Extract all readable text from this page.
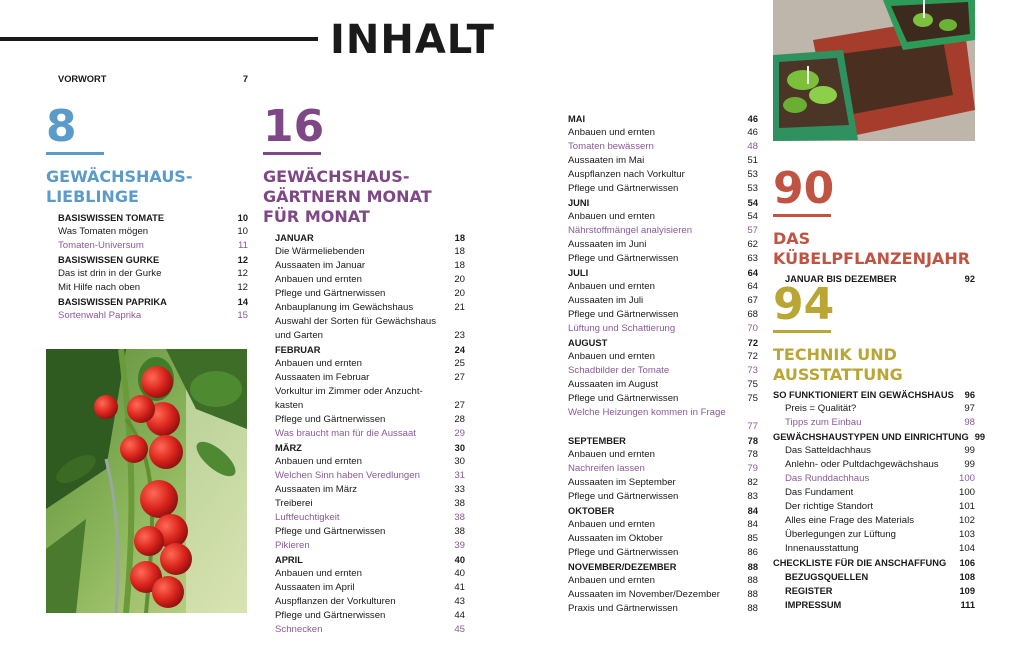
INHALT
VORWORT	7
8
GEWÄCHSHAUS-LIEBLINGE
BASISWISSEN TOMATE	10
Was Tomaten mögen	10
Tomaten-Universum	11
BASISWISSEN GURKE	12
Das ist drin in der Gurke	12
Mit Hilfe nach oben	12
BASISWISSEN PAPRIKA	14
Sortenwahl Paprika	15
16
GEWÄCHSHAUS-GÄRTNERN MONAT FÜR MONAT
JANUAR	18
Die Wärmeliebenden	18
Aussaaten im Januar	18
Anbauen und ernten	20
Pflege und Gärtnerwissen	20
Anbauplanung im Gewächshaus	21
Auswahl der Sorten für Gewächshaus und Garten	23
FEBRUAR	24
Anbauen und ernten	25
Aussaaten im Februar	27
Vorkultur im Zimmer oder Anzucht-kasten	27
Pflege und Gärtnerwissen	28
Was braucht man für die Aussaat	29
MÄRZ	30
Anbauen und ernten	30
Welchen Sinn haben Veredlungen	31
Aussaaten im März	33
Treiberei	38
Luftfeuchtigkeit	38
Pflege und Gärtnerwissen	38
Pikieren	39
APRIL	40
Anbauen und ernten	40
Aussaaten im April	41
Auspflanzen der Vorkulturen	43
Pflege und Gärtnerwissen	44
Schnecken	45
MAI	46
Anbauen und ernten	46
Tomaten bewässern	48
Aussaaten im Mai	51
Auspflanzen nach Vorkultur	53
Pflege und Gärtnerwissen	53
JUNI	54
Anbauen und ernten	54
Nährstoffmängel analyisieren	57
Aussaaten im Juni	62
Pflege und Gärtnerwissen	63
JULI	64
Anbauen und ernten	64
Aussaaten im Juli	67
Pflege und Gärtnerwissen	68
Lüftung und Schattierung	70
AUGUST	72
Anbauen und ernten	72
Schadbilder der Tomate	73
Aussaaten im August	75
Pflege und Gärtnerwissen	75
Welche Heizungen kommen in Frage
77
SEPTEMBER	78
Anbauen und ernten	78
Nachreifen lassen	79
Aussaaten im September	82
Pflege und Gärtnerwissen	83
OKTOBER	84
Anbauen und ernten	84
Aussaaten im Oktober	85
Pflege und Gärtnerwissen	86
NOVEMBER/DEZEMBER	88
Anbauen und ernten	88
Aussaaten im November/Dezember	88
Praxis und Gärtnerwissen	88
90
DAS KÜBELPFLANZENJAHR
JANUAR BIS DEZEMBER	92
94
TECHNIK UND AUSSTATTUNG
SO FUNKTIONIERT EIN GEWÄCHSHAUS	96
Preis = Qualität?	97
Tipps zum Einbau	98
GEWÄCHSHAUSTYPEN UND EINRICHTUNG 99
Das Satteldachhaus	99
Anlehn- oder Pultdachgewächshaus	99
Das Runddachhaus	100
Das Fundament	100
Der richtige Standort	101
Alles eine Frage des Materials	102
Überlegungen zur Lüftung	103
Innenausstattung	104
CHECKLISTE FÜR DIE ANSCHAFFUNG	106
BEZUGSQUELLEN	108
REGISTER	109
IMPRESSUM	111
